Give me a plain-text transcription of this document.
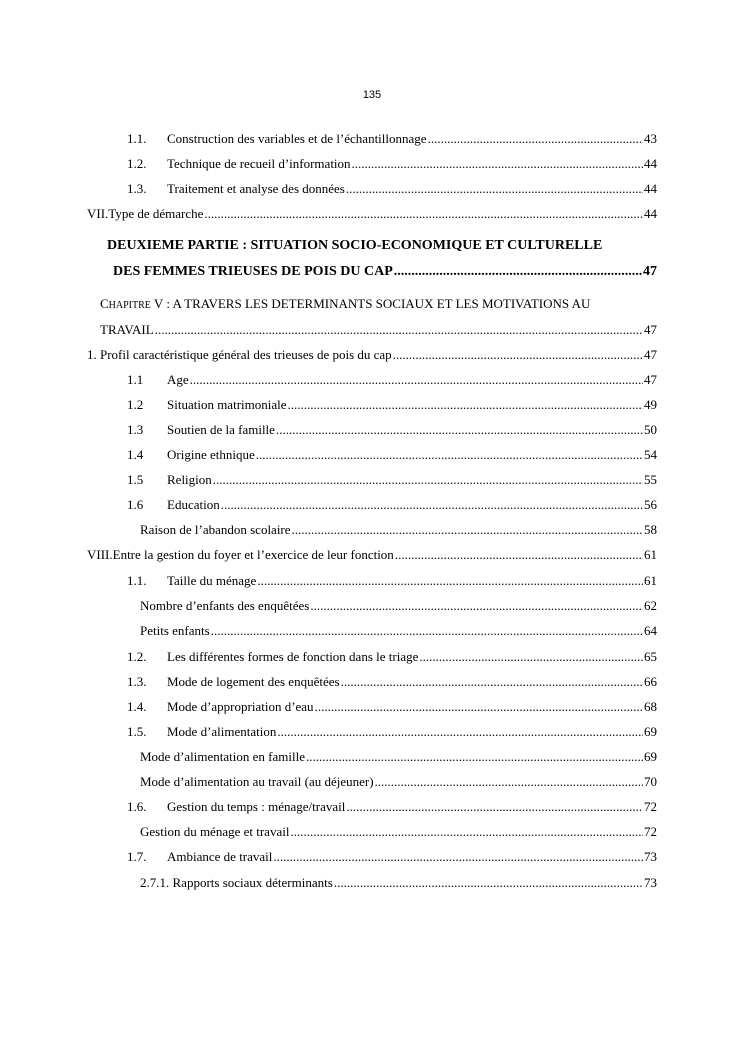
135
1.1.	Construction des variables et de l’échantillonnage .....	43
1.2.	Technique de recueil d’information .....	44
1.3.	Traitement et analyse des données .....	44
VII.Type de démarche .....	44
DEUXIEME PARTIE : SITUATION SOCIO-ECONOMIQUE ET CULTURELLE
DES FEMMES TRIEUSES DE POIS DU CAP .....	47
CHAPITRE V : A TRAVERS LES DETERMINANTS SOCIAUX ET LES MOTIVATIONS AU
TRAVAIL .....	47
1. Profil caractéristique général des trieuses de pois du cap .....	47
1.1	Age .....	47
1.2	Situation matrimoniale .....	49
1.3	Soutien de la famille .....	50
1.4	Origine ethnique .....	54
1.5	Religion .....	55
1.6	Education .....	56
Raison de l’abandon scolaire .....	58
VIII.Entre la gestion du foyer et l’exercice de leur fonction .....	61
1.1.	Taille du ménage .....	61
Nombre d’enfants des enquêtées .....	62
Petits enfants .....	64
1.2.	Les différentes formes de fonction dans le triage .....	65
1.3.	Mode de logement des enquêtées .....	66
1.4.	Mode d’appropriation d’eau .....	68
1.5.	Mode d’alimentation .....	69
Mode d’alimentation en famille .....	69
Mode d’alimentation au travail (au déjeuner) .....	70
1.6.	Gestion du temps : ménage/travail .....	72
Gestion du ménage et travail .....	72
1.7.	Ambiance de travail .....	73
2.7.1. Rapports sociaux déterminants .....	73
